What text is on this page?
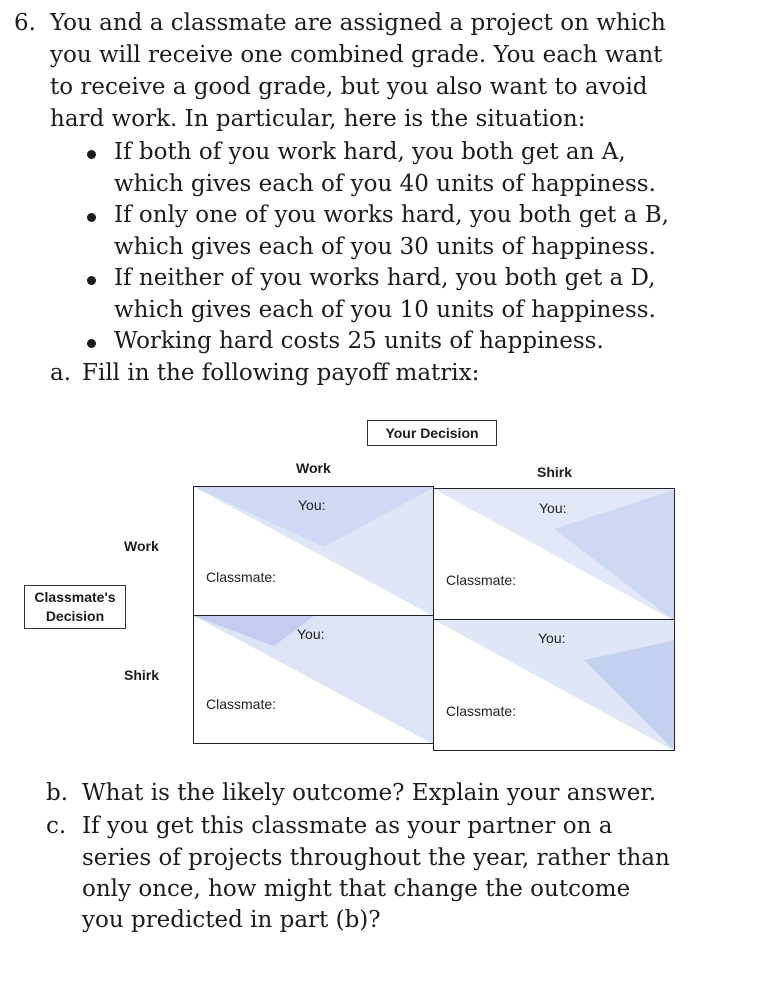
6. You and a classmate are assigned a project on which
you will receive one combined grade. You each want
to receive a good grade, but you also want to avoid
hard work. In particular, here is the situation:
If both of you work hard, you both get an A,
which gives each of you 40 units of happiness.
If only one of you works hard, you both get a B,
which gives each of you 30 units of happiness.
If neither of you works hard, you both get a D,
which gives each of you 10 units of happiness.
Working hard costs 25 units of happiness.
a. Fill in the following payoff matrix:
Your Decision
Work	Shirk
Classmate's
Decision
Work
Shirk
You:
Classmate:
You:
Classmate:
You:
Classmate:
You:
Classmate:
b. What is the likely outcome? Explain your answer.
c. If you get this classmate as your partner on a
series of projects throughout the year, rather than
only once, how might that change the outcome
you predicted in part (b)?
